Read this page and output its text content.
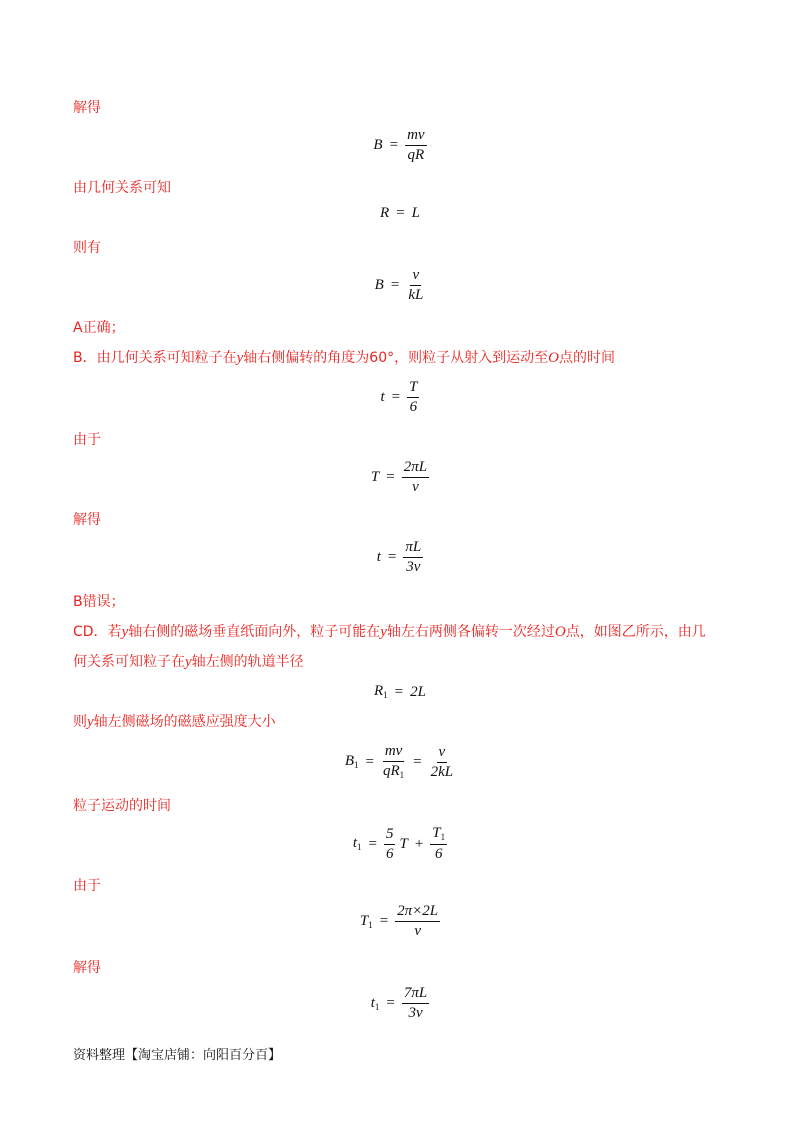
解得
$B = \frac{mv}{qR}$
由几何关系可知
R = L
则有
$B = \frac{v}{kL}$
A正确；
B．由几何关系可知粒子在y轴右侧偏转的角度为60°，则粒子从射入到运动至O点的时间
$t = \frac{T}{6}$
由于
$T = \frac{2\pi L}{v}$
解得
$t = \frac{\pi L}{3v}$
B错误；
CD．若y轴右侧的磁场垂直纸面向外，粒子可能在y轴左右两侧各偏转一次经过O点，如图乙所示，由几
何关系可知粒子在y轴左侧的轨道半径
$R_1 = 2L$
则y轴左侧磁场的磁感应强度大小
$B_1 = \frac{mv}{qR_1} = \frac{v}{2kL}$
粒子运动的时间
$t_1 = \frac{5}{6}$ $T + \frac{T_1}{6}$
由于
$T_1 = \frac{2\pi\times 2L}{v}$
解得
$t_1 = \frac{7\pi L}{3v}$
资料整理【淘宝店铺：向阳百分百】
